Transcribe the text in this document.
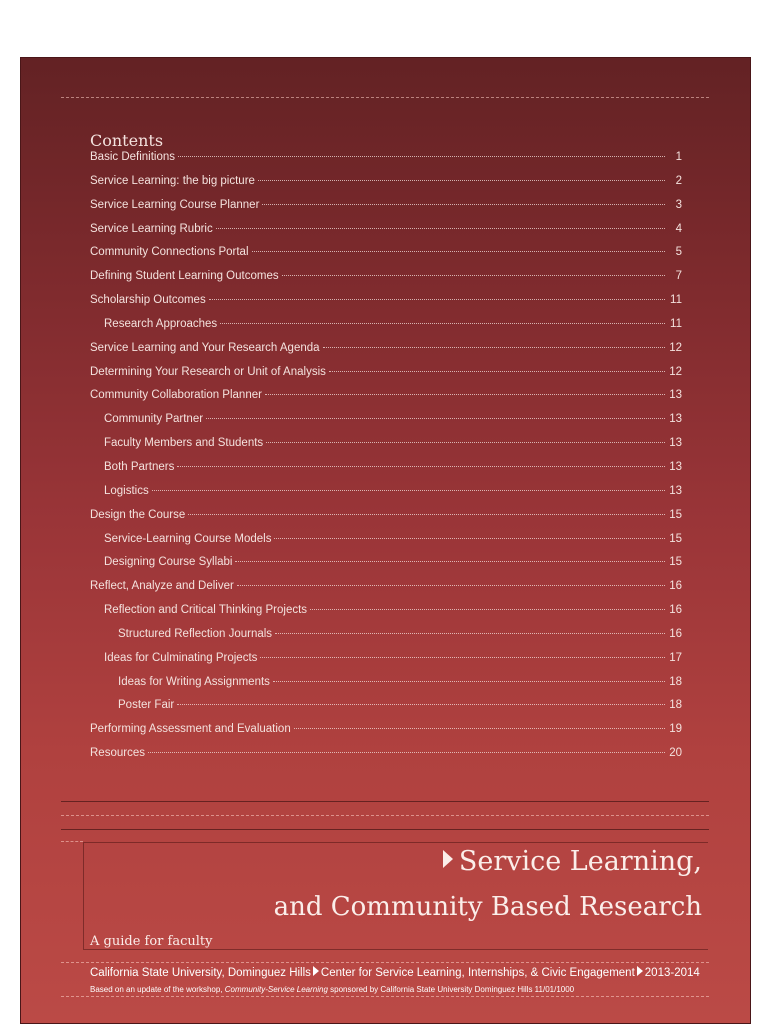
Contents
Basic Definitions	1
Service Learning: the big picture	2
Service Learning Course Planner	3
Service Learning Rubric	4
Community Connections Portal	5
Defining Student Learning Outcomes	7
Scholarship Outcomes	11
Research Approaches	11
Service Learning and Your Research Agenda	12
Determining Your Research or Unit of Analysis	12
Community Collaboration Planner	13
Community Partner	13
Faculty Members and Students	13
Both Partners	13
Logistics	13
Design the Course	15
Service-Learning Course Models	15
Designing Course Syllabi	15
Reflect, Analyze and Deliver	16
Reflection and Critical Thinking Projects	16
Structured Reflection Journals	16
Ideas for Culminating Projects	17
Ideas for Writing Assignments	18
Poster Fair	18
Performing Assessment and Evaluation	19
Resources	20
Service Learning,
and Community Based Research

A guide for faculty

California State University, Dominguez Hills Center for Service Learning, Internships, & Civic Engagement 2013-2014
Based on an update of the workshop, Community-Service Learning sponsored by California State University Dominguez Hills 11/01/1000
